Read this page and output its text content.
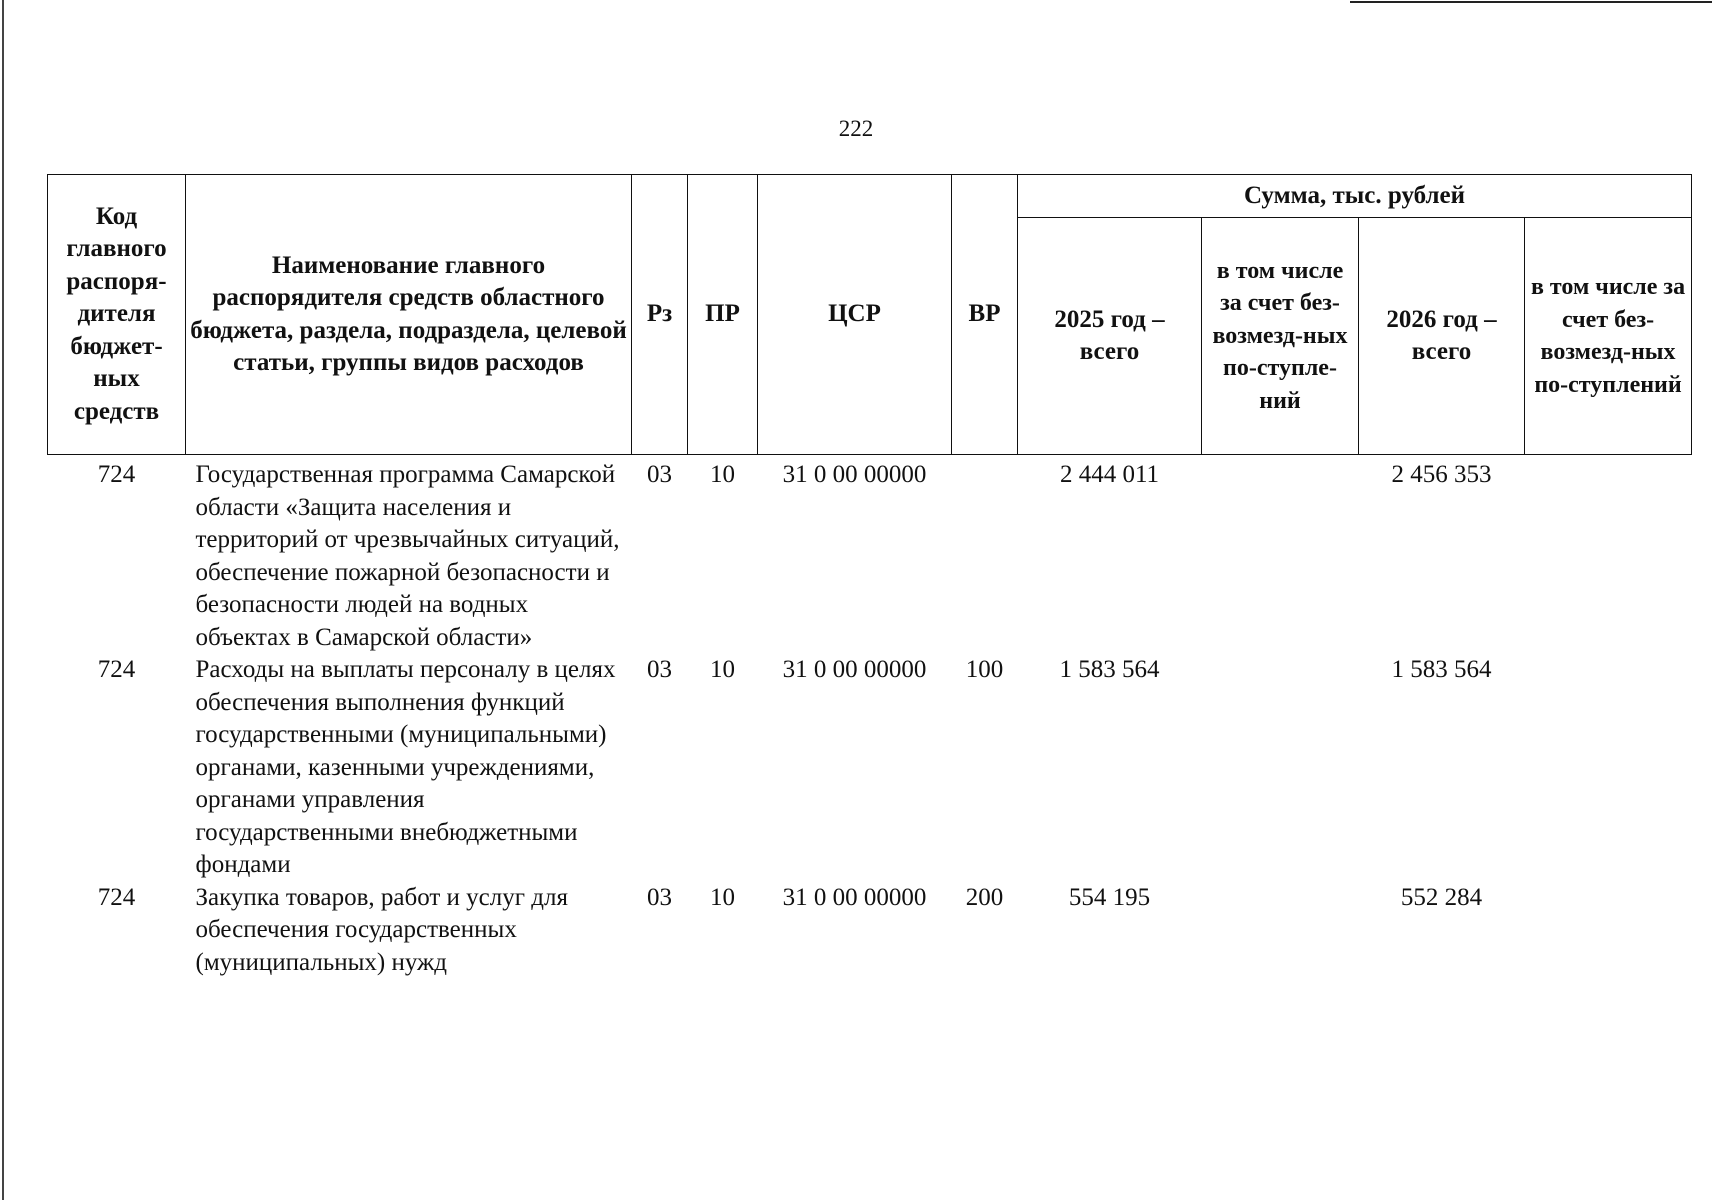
222
Код главного распоря-дителя бюджет-ных средств	Наименование главного распорядителя средств областного бюджета, раздела, подраздела, целевой статьи, группы видов расходов	Рз	ПР	ЦСР	ВР	Сумма, тыс. рублей			
						2025 год – всего	в том числе за счет без-возмезд-ных по-ступле-ний	2026 год – всего	в том числе за счет без-возмезд-ных по-ступлений
724	Государственная программа Самарской области «Защита населения и территорий от чрезвычайных ситуаций, обеспечение пожарной безопасности и безопасности людей на водных объектах в Самарской области»	03	10	31 0 00 00000		2 444 011		2 456 353	
724	Расходы на выплаты персоналу в целях обеспечения выполнения функций государственными (муниципальными) органами, казенными учреждениями, органами управления государственными внебюджетными фондами	03	10	31 0 00 00000	100	1 583 564		1 583 564	
724	Закупка товаров, работ и услуг для обеспечения государственных (муниципальных) нужд	03	10	31 0 00 00000	200	554 195		552 284	
